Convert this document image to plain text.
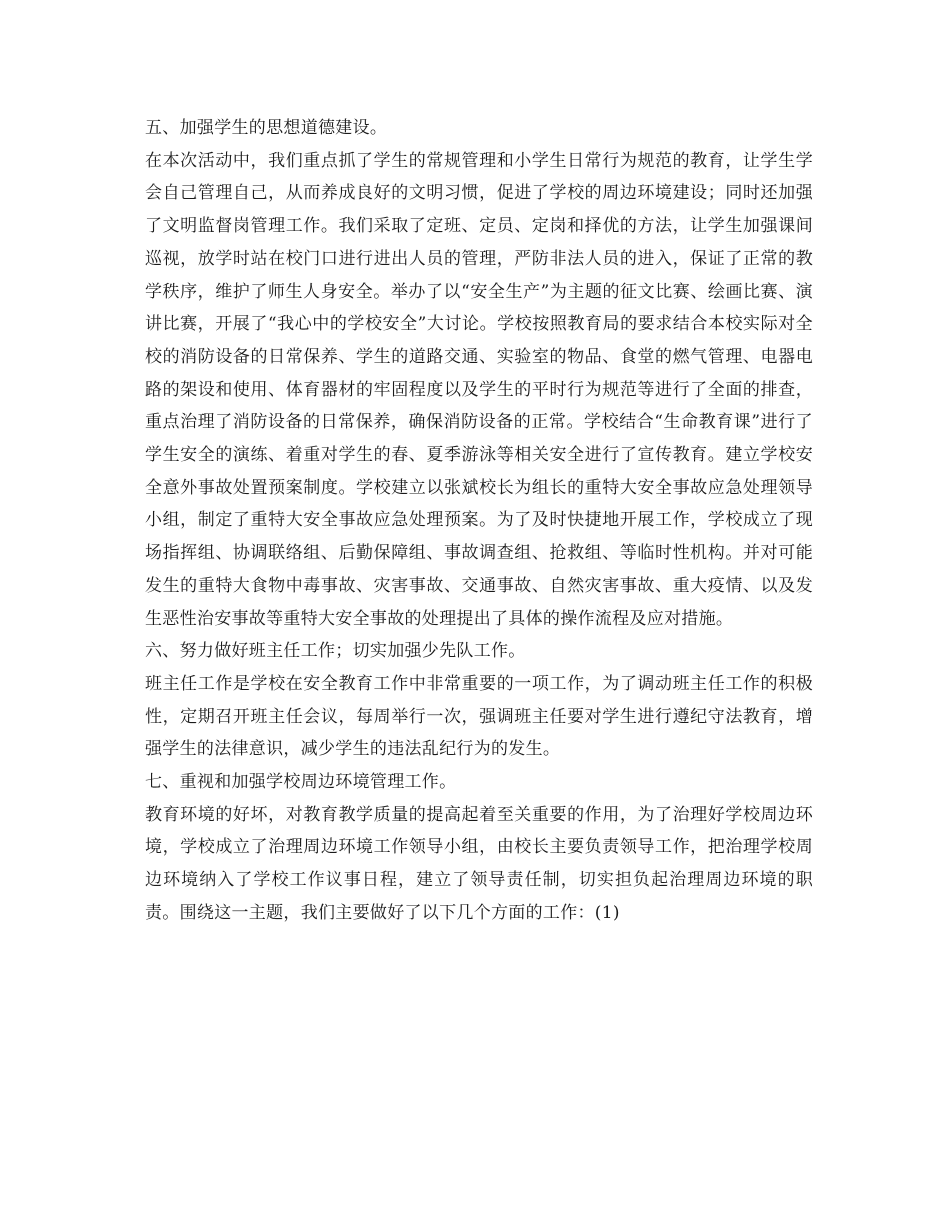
五、加强学生的思想道德建设。

在本次活动中，我们重点抓了学生的常规管理和小学生日常行为规范的教育，让学生学会自己管理自己，从而养成良好的文明习惯，促进了学校的周边环境建设；同时还加强了文明监督岗管理工作。我们采取了定班、定员、定岗和择优的方法，让学生加强课间巡视，放学时站在校门口进行进出人员的管理，严防非法人员的进入，保证了正常的教学秩序，维护了师生人身安全。举办了以“安全生产”为主题的征文比赛、绘画比赛、演讲比赛，开展了“我心中的学校安全”大讨论。学校按照教育局的要求结合本校实际对全校的消防设备的日常保养、学生的道路交通、实验室的物品、食堂的燃气管理、电器电路的架设和使用、体育器材的牢固程度以及学生的平时行为规范等进行了全面的排查，重点治理了消防设备的日常保养，确保消防设备的正常。学校结合“生命教育课”进行了学生安全的演练、着重对学生的春、夏季游泳等相关安全进行了宣传教育。建立学校安全意外事故处置预案制度。学校建立以张斌校长为组长的重特大安全事故应急处理领导小组，制定了重特大安全事故应急处理预案。为了及时快捷地开展工作，学校成立了现场指挥组、协调联络组、后勤保障组、事故调查组、抢救组、等临时性机构。并对可能发生的重特大食物中毒事故、灾害事故、交通事故、自然灾害事故、重大疫情、以及发生恶性治安事故等重特大安全事故的处理提出了具体的操作流程及应对措施。

六、努力做好班主任工作；切实加强少先队工作。

班主任工作是学校在安全教育工作中非常重要的一项工作，为了调动班主任工作的积极性，定期召开班主任会议，每周举行一次，强调班主任要对学生进行遵纪守法教育，增强学生的法律意识，减少学生的违法乱纪行为的发生。

七、重视和加强学校周边环境管理工作。

教育环境的好坏，对教育教学质量的提高起着至关重要的作用，为了治理好学校周边环境，学校成立了治理周边环境工作领导小组，由校长主要负责领导工作，把治理学校周边环境纳入了学校工作议事日程，建立了领导责任制，切实担负起治理周边环境的职责。围绕这一主题，我们主要做好了以下几个方面的工作：(1)
